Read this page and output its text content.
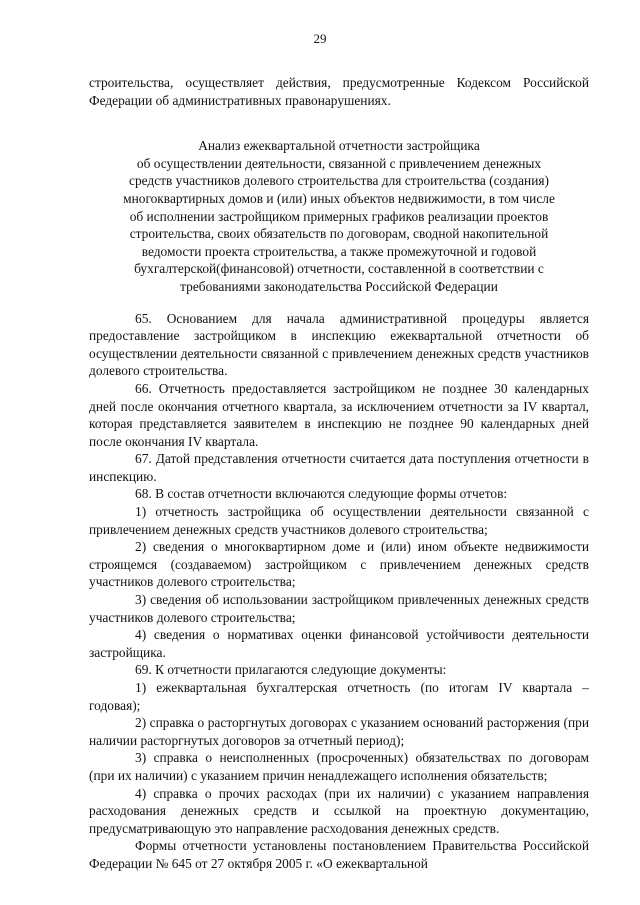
29

строительства, осуществляет действия, предусмотренные Кодексом Российской Федерации об административных правонарушениях.

Анализ ежеквартальной отчетности застройщика
об осуществлении деятельности, связанной с привлечением денежных
средств участников долевого строительства для строительства (создания)
многоквартирных домов и (или) иных объектов недвижимости, в том числе
об исполнении застройщиком примерных графиков реализации проектов
строительства, своих обязательств по договорам, сводной накопительной
ведомости проекта строительства, а также промежуточной и годовой
бухгалтерской(финансовой) отчетности, составленной в соответствии с
требованиями законодательства Российской Федерации

65. Основанием для начала административной процедуры является предоставление застройщиком в инспекцию ежеквартальной отчетности об осуществлении деятельности связанной с привлечением денежных средств участников долевого строительства.

66. Отчетность предоставляется застройщиком не позднее 30 календарных дней после окончания отчетного квартала, за исключением отчетности за IV квартал, которая представляется заявителем в инспекцию не позднее 90 календарных дней после окончания IV квартала.

67. Датой представления отчетности считается дата поступления отчетности в инспекцию.

68. В состав отчетности включаются следующие формы отчетов:

1) отчетность застройщика об осуществлении деятельности связанной с привлечением денежных средств участников долевого строительства;

2) сведения о многоквартирном доме и (или) ином объекте недвижимости строящемся (создаваемом) застройщиком с привлечением денежных средств участников долевого строительства;

3) сведения об использовании застройщиком привлеченных денежных средств участников долевого строительства;

4) сведения о нормативах оценки финансовой устойчивости деятельности застройщика.

69. К отчетности прилагаются следующие документы:

1) ежеквартальная бухгалтерская отчетность (по итогам IV квартала – годовая);

2) справка о расторгнутых договорах с указанием оснований расторжения (при наличии расторгнутых договоров за отчетный период);

3) справка о неисполненных (просроченных) обязательствах по договорам (при их наличии) с указанием причин ненадлежащего исполнения обязательств;

4) справка о прочих расходах (при их наличии) с указанием направления расходования денежных средств и ссылкой на проектную документацию, предусматривающую это направление расходования денежных средств.

Формы отчетности установлены постановлением Правительства Российской Федерации № 645 от 27 октября 2005 г. «О ежеквартальной
